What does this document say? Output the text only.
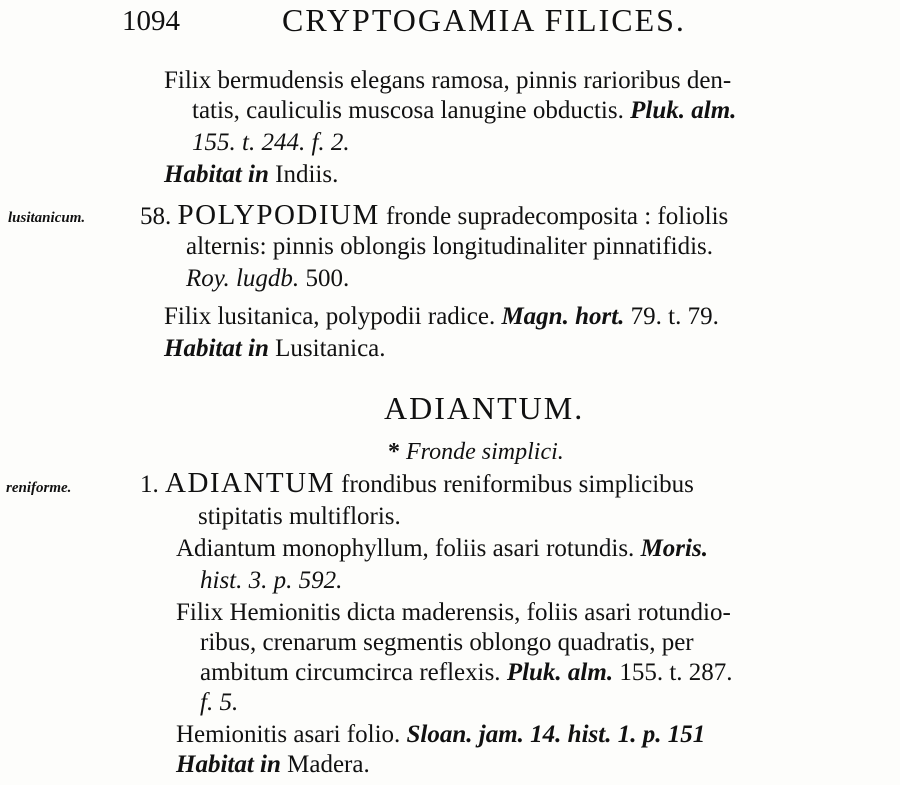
1094	CRYPTOGAMIA FILICES.
Filix bermudensis elegans ramosa, pinnis rarioribus den-
tatis, cauliculis muscosa lanugine obductis. Pluk. alm.
155. t. 244. f. 2.
Habitat in Indiis.
lusitanicum. 58. POLYPODIUM fronde supradecomposita : foliolis
alternis: pinnis oblongis longitudinaliter pinnatifidis.
Roy. lugdb. 500.
Filix lusitanica, polypodii radice. Magn. hort. 79. t. 79.
Habitat in Lusitanica.
ADIANTUM.
* Fronde simplici.
reniforme.	1. ADIANTUM frondibus reniformibus simplicibus
stipitatis multifloris.
Adiantum monophyllum, foliis asari rotundis. Moris.
hist. 3. p. 592.
Filix Hemionitis dicta maderensis, foliis asari rotundio-
ribus, crenarum segmentis oblongo quadratis, per
ambitum circumcirca reflexis. Pluk. alm. 155. t. 287.
f. 5.
Hemionitis asari folio. Sloan. jam. 14. hist. 1. p. 151
Habitat in Madera.
